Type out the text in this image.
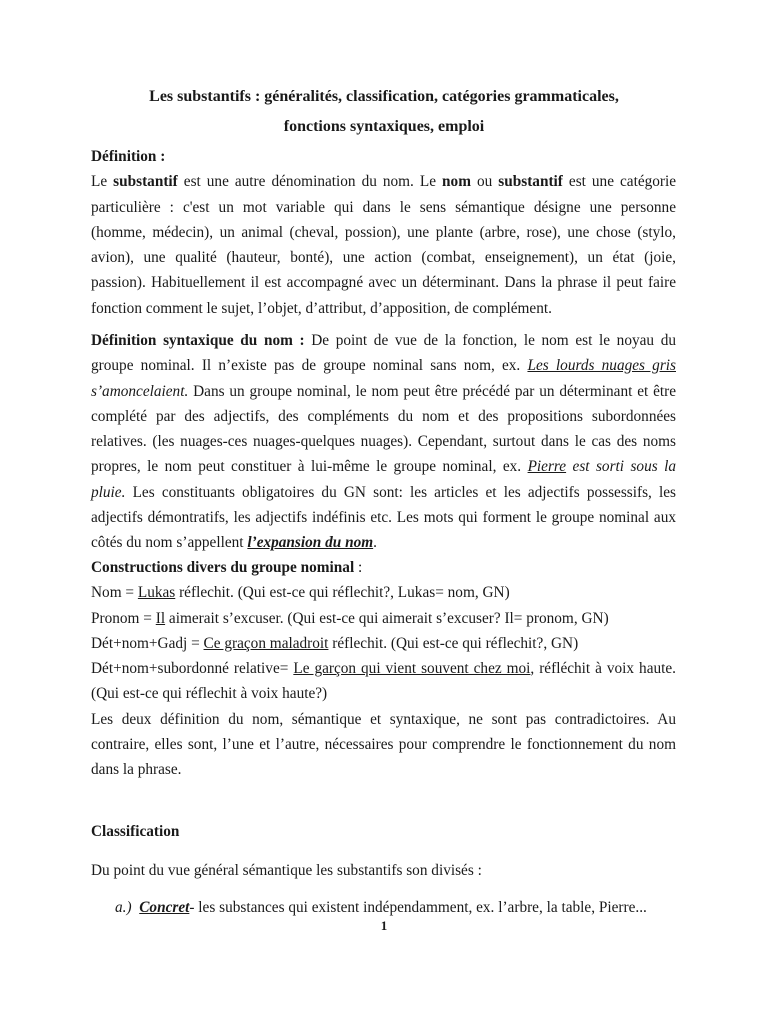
Les substantifs : généralités, classification, catégories grammaticales,
fonctions syntaxiques, emploi
Définition :
Le substantif est une autre dénomination du nom. Le nom ou substantif est une catégorie
particulière : c'est un mot variable qui dans le sens sémantique désigne une personne
(homme, médecin), un animal (cheval, possion), une plante (arbre, rose), une chose (stylo,
avion), une qualité (hauteur, bonté), une action (combat, enseignement), un état (joie,
passion). Habituellement il est accompagné avec un déterminant. Dans la phrase il peut faire
fonction comment le sujet, l’objet, d’attribut, d’apposition, de complément.
Définition syntaxique du nom : De point de vue de la fonction, le nom est le noyau du
groupe nominal. Il n’existe pas de groupe nominal sans nom, ex. Les lourds nuages gris
s’amoncelaient. Dans un groupe nominal, le nom peut être précédé par un déterminant et être
complété par des adjectifs, des compléments du nom et des propositions subordonnées
relatives. (les nuages-ces nuages-quelques nuages). Cependant, surtout dans le cas des noms
propres, le nom peut constituer à lui-même le groupe nominal, ex. Pierre est sorti sous la
pluie. Les constituants obligatoires du GN sont: les articles et les adjectifs possessifs, les
adjectifs démontratifs, les adjectifs indéfinis etc. Les mots qui forment le groupe nominal aux
côtés du nom s’appellent l’expansion du nom.
Constructions divers du groupe nominal :
Nom = Lukas réflechit. (Qui est-ce qui réflechit?, Lukas= nom, GN)
Pronom = Il aimerait s’excuser. (Qui est-ce qui aimerait s’excuser? Il= pronom, GN)
Dét+nom+Gadj = Ce graçon maladroit réflechit. (Qui est-ce qui réflechit?, GN)
Dét+nom+subordonné relative= Le garçon qui vient souvent chez moi, réfléchit à voix haute.
(Qui est-ce qui réflechit à voix haute?)
Les deux définition du nom, sémantique et syntaxique, ne sont pas contradictoires. Au
contraire, elles sont, l’une et l’autre, nécessaires pour comprendre le fonctionnement du nom
dans la phrase.
Classification
Du point du vue général sémantique les substantifs son divisés :
a.) Concret- les substances qui existent indépendamment, ex. l’arbre, la table, Pierre...
1
